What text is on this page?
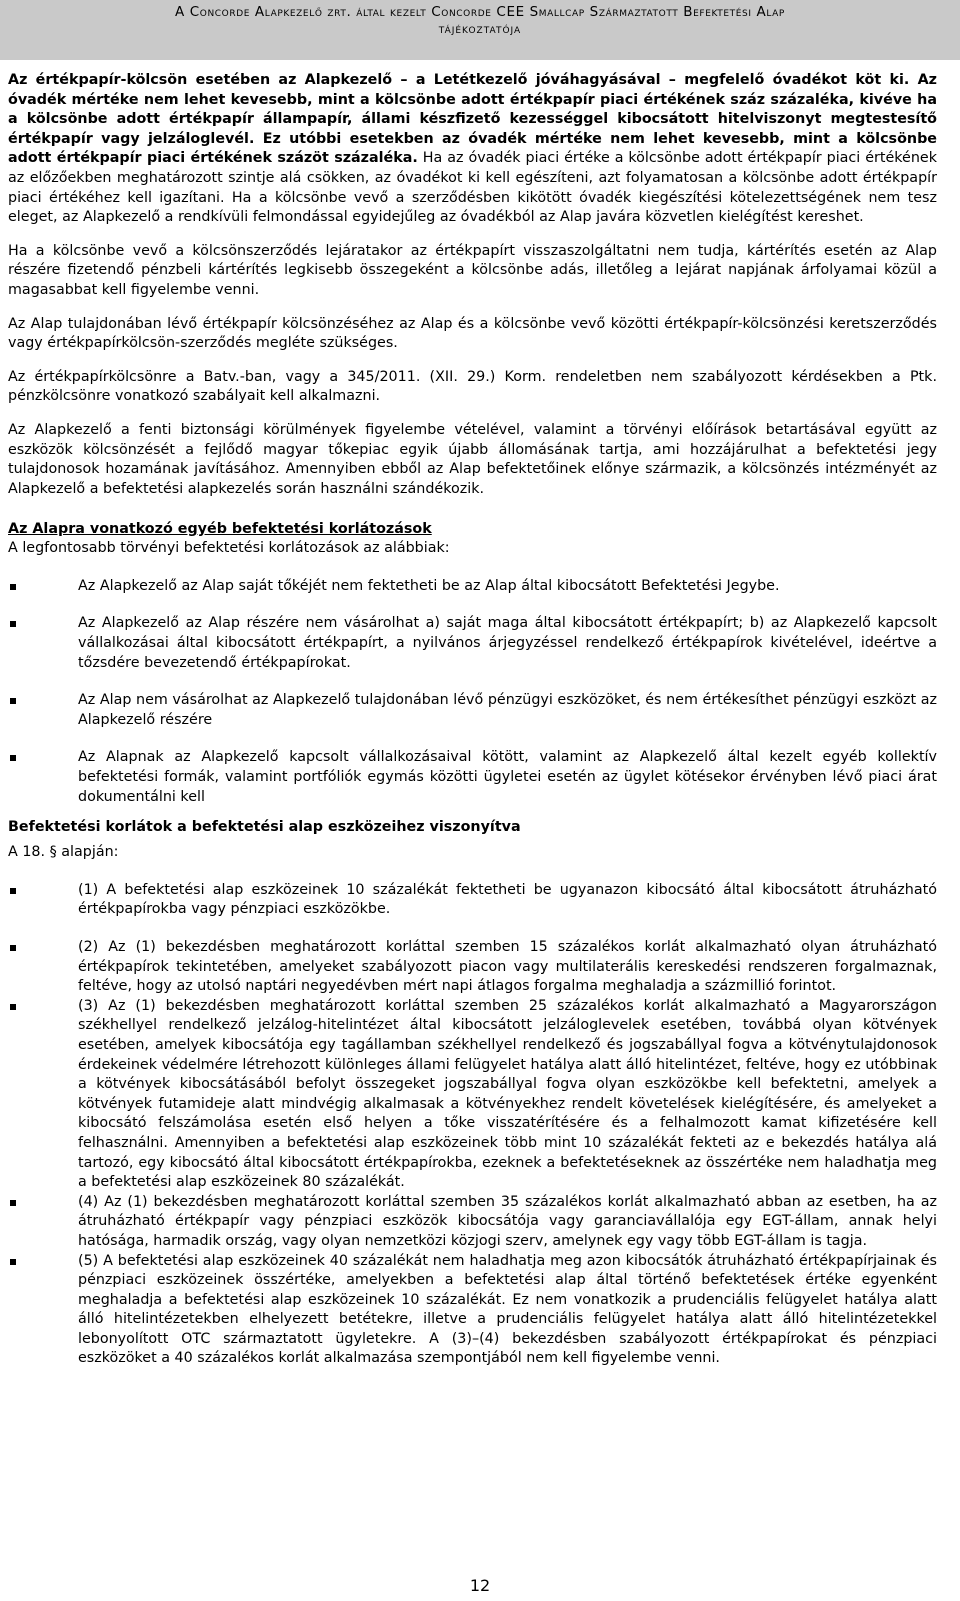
A Concorde Alapkezelő zrt. által kezelt Concorde CEE Smallcap Származtatott Befektetési Alap
tájékoztatója

Az értékpapír-kölcsön esetében az Alapkezelő – a Letétkezelő jóváhagyásával – megfelelő óvadékot köt ki. Az óvadék mértéke nem lehet kevesebb, mint a kölcsönbe adott értékpapír piaci értékének száz százaléka, kivéve ha a kölcsönbe adott értékpapír állampapír, állami készfizető kezességgel kibocsátott hitelviszonyt megtestesítő értékpapír vagy jelzáloglevél. Ez utóbbi esetekben az óvadék mértéke nem lehet kevesebb, mint a kölcsönbe adott értékpapír piaci értékének százöt százaléka. Ha az óvadék piaci értéke a kölcsönbe adott értékpapír piaci értékének az előzőekben meghatározott szintje alá csökken, az óvadékot ki kell egészíteni, azt folyamatosan a kölcsönbe adott értékpapír piaci értékéhez kell igazítani. Ha a kölcsönbe vevő a szerződésben kikötött óvadék kiegészítési kötelezettségének nem tesz eleget, az Alapkezelő a rendkívüli felmondással egyidejűleg az óvadékból az Alap javára közvetlen kielégítést kereshet.

Ha a kölcsönbe vevő a kölcsönszerződés lejáratakor az értékpapírt visszaszolgáltatni nem tudja, kártérítés esetén az Alap részére fizetendő pénzbeli kártérítés legkisebb összegeként a kölcsönbe adás, illetőleg a lejárat napjának árfolyamai közül a magasabbat kell figyelembe venni.

Az Alap tulajdonában lévő értékpapír kölcsönzéséhez az Alap és a kölcsönbe vevő közötti értékpapír-kölcsönzési keretszerződés vagy értékpapírkölcsön-szerződés megléte szükséges.

Az értékpapírkölcsönre a Batv.-ban, vagy a 345/2011. (XII. 29.) Korm. rendeletben nem szabályozott kérdésekben a Ptk. pénzkölcsönre vonatkozó szabályait kell alkalmazni.

Az Alapkezelő a fenti biztonsági körülmények figyelembe vételével, valamint a törvényi előírások betartásával együtt az eszközök kölcsönzését a fejlődő magyar tőkepiac egyik újabb állomásának tartja, ami hozzájárulhat a befektetési jegy tulajdonosok hozamának javításához. Amennyiben ebből az Alap befektetőinek előnye származik, a kölcsönzés intézményét az Alapkezelő a befektetési alapkezelés során használni szándékozik.

Az Alapra vonatkozó egyéb befektetési korlátozások

A legfontosabb törvényi befektetési korlátozások az alábbiak:

Az Alapkezelő az Alap saját tőkéjét nem fektetheti be az Alap által kibocsátott Befektetési Jegybe.
Az Alapkezelő az Alap részére nem vásárolhat a) saját maga által kibocsátott értékpapírt; b) az Alapkezelő kapcsolt vállalkozásai által kibocsátott értékpapírt, a nyilvános árjegyzéssel rendelkező értékpapírok kivételével, ideértve a tőzsdére bevezetendő értékpapírokat.
Az Alap nem vásárolhat az Alapkezelő tulajdonában lévő pénzügyi eszközöket, és nem értékesíthet pénzügyi eszközt az Alapkezelő részére
Az Alapnak az Alapkezelő kapcsolt vállalkozásaival kötött, valamint az Alapkezelő által kezelt egyéb kollektív befektetési formák, valamint portfóliók egymás közötti ügyletei esetén az ügylet kötésekor érvényben lévő piaci árat dokumentálni kell
Befektetési korlátok a befektetési alap eszközeihez viszonyítva

A 18. § alapján:

(1) A befektetési alap eszközeinek 10 százalékát fektetheti be ugyanazon kibocsátó által kibocsátott átruházható értékpapírokba vagy pénzpiaci eszközökbe.
(2) Az (1) bekezdésben meghatározott korláttal szemben 15 százalékos korlát alkalmazható olyan átruházható értékpapírok tekintetében, amelyeket szabályozott piacon vagy multilaterális kereskedési rendszeren forgalmaznak, feltéve, hogy az utolsó naptári negyedévben mért napi átlagos forgalma meghaladja a százmillió forintot.
(3) Az (1) bekezdésben meghatározott korláttal szemben 25 százalékos korlát alkalmazható a Magyarországon székhellyel rendelkező jelzálog-hitelintézet által kibocsátott jelzáloglevelek esetében, továbbá olyan kötvények esetében, amelyek kibocsátója egy tagállamban székhellyel rendelkező és jogszabállyal fogva a kötvénytulajdonosok érdekeinek védelmére létrehozott különleges állami felügyelet hatálya alatt álló hitelintézet, feltéve, hogy ez utóbbinak a kötvények kibocsátásából befolyt összegeket jogszabállyal fogva olyan eszközökbe kell befektetni, amelyek a kötvények futamideje alatt mindvégig alkalmasak a kötvényekhez rendelt követelések kielégítésére, és amelyeket a kibocsátó felszámolása esetén első helyen a tőke visszatérítésére és a felhalmozott kamat kifizetésére kell felhasználni. Amennyiben a befektetési alap eszközeinek több mint 10 százalékát fekteti az e bekezdés hatálya alá tartozó, egy kibocsátó által kibocsátott értékpapírokba, ezeknek a befektetéseknek az összértéke nem haladhatja meg a befektetési alap eszközeinek 80 százalékát.
(4) Az (1) bekezdésben meghatározott korláttal szemben 35 százalékos korlát alkalmazható abban az esetben, ha az átruházható értékpapír vagy pénzpiaci eszközök kibocsátója vagy garanciavállalója egy EGT-állam, annak helyi hatósága, harmadik ország, vagy olyan nemzetközi közjogi szerv, amelynek egy vagy több EGT-állam is tagja.
(5) A befektetési alap eszközeinek 40 százalékát nem haladhatja meg azon kibocsátók átruházható értékpapírjainak és pénzpiaci eszközeinek összértéke, amelyekben a befektetési alap által történő befektetések értéke egyenként meghaladja a befektetési alap eszközeinek 10 százalékát. Ez nem vonatkozik a prudenciális felügyelet hatálya alatt álló hitelintézetekben elhelyezett betétekre, illetve a prudenciális felügyelet hatálya alatt álló hitelintézetekkel lebonyolított OTC származtatott ügyletekre. A (3)–(4) bekezdésben szabályozott értékpapírokat és pénzpiaci eszközöket a 40 százalékos korlát alkalmazása szempontjából nem kell figyelembe venni.
12
